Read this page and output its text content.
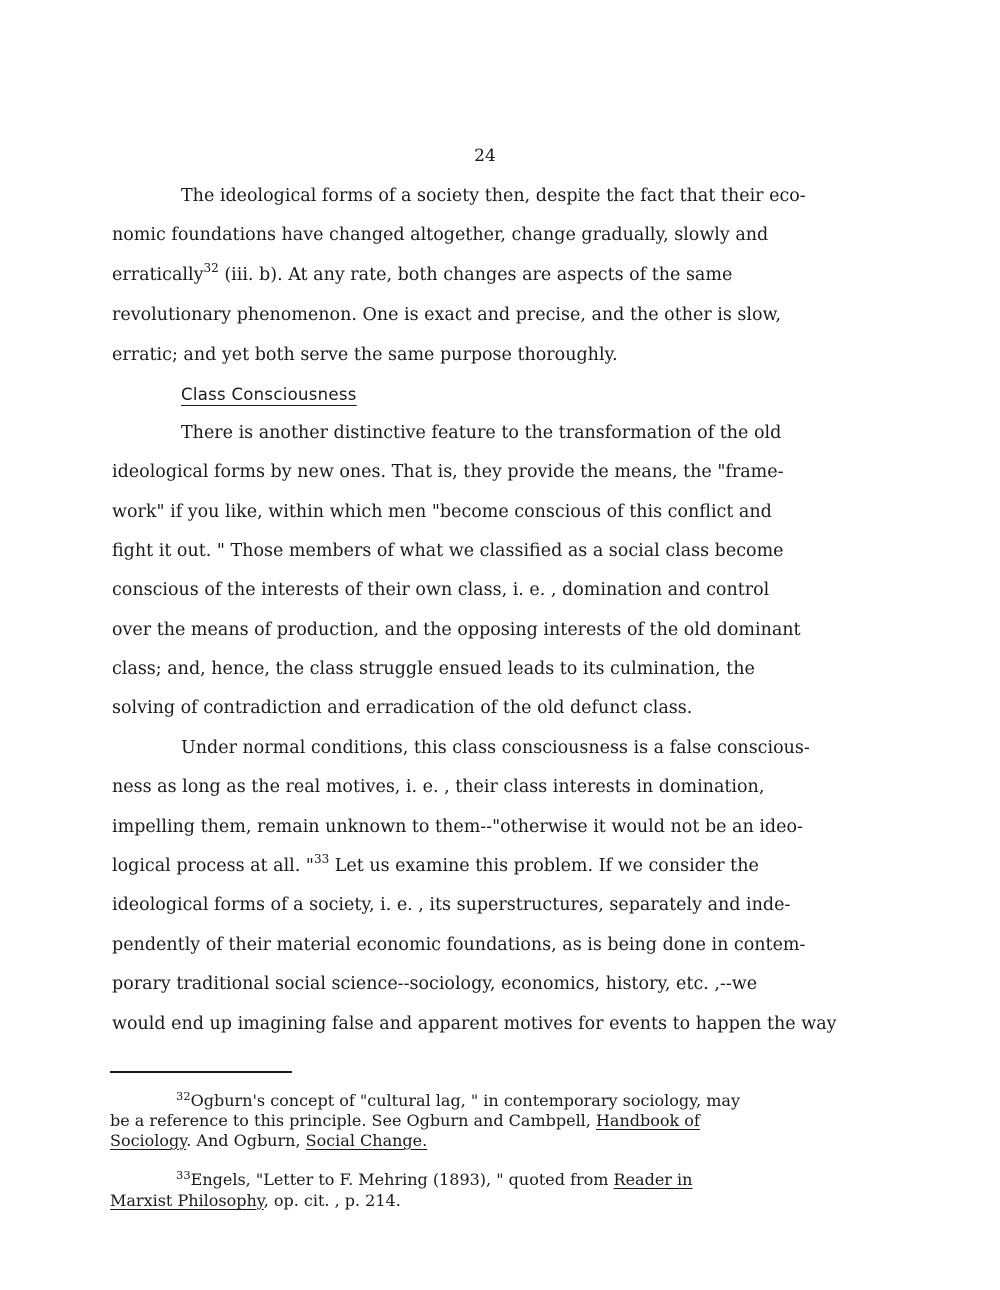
24
The ideological forms of a society then, despite the fact that their eco-
nomic foundations have changed altogether, change gradually, slowly and
erratically$^{32}$ (iii. b). At any rate, both changes are aspects of the same
revolutionary phenomenon. One is exact and precise, and the other is slow,
erratic; and yet both serve the same purpose thoroughly.
Class Consciousness
There is another distinctive feature to the transformation of the old
ideological forms by new ones. That is, they provide the means, the "frame-
work" if you like, within which men "become conscious of this conflict and
fight it out. " Those members of what we classified as a social class become
conscious of the interests of their own class, i. e. , domination and control
over the means of production, and the opposing interests of the old dominant
class; and, hence, the class struggle ensued leads to its culmination, the
solving of contradiction and erradication of the old defunct class.
Under normal conditions, this class consciousness is a false conscious-
ness as long as the real motives, i. e. , their class interests in domination,
impelling them, remain unknown to them--"otherwise it would not be an ideo-
logical process at all. "$^{33}$ Let us examine this problem. If we consider the
ideological forms of a society, i. e. , its superstructures, separately and inde-
pendently of their material economic foundations, as is being done in contem-
porary traditional social science--sociology, economics, history, etc. ,--we
would end up imagining false and apparent motives for events to happen the way
$^{32}$Ogburn's concept of "cultural lag, " in contemporary sociology, may
be a reference to this principle. See Ogburn and Cambpell, Handbook of
Sociology. And Ogburn, Social Change.
$^{33}$Engels, "Letter to F. Mehring (1893), " quoted from Reader in
Marxist Philosophy, op. cit. , p. 214.
